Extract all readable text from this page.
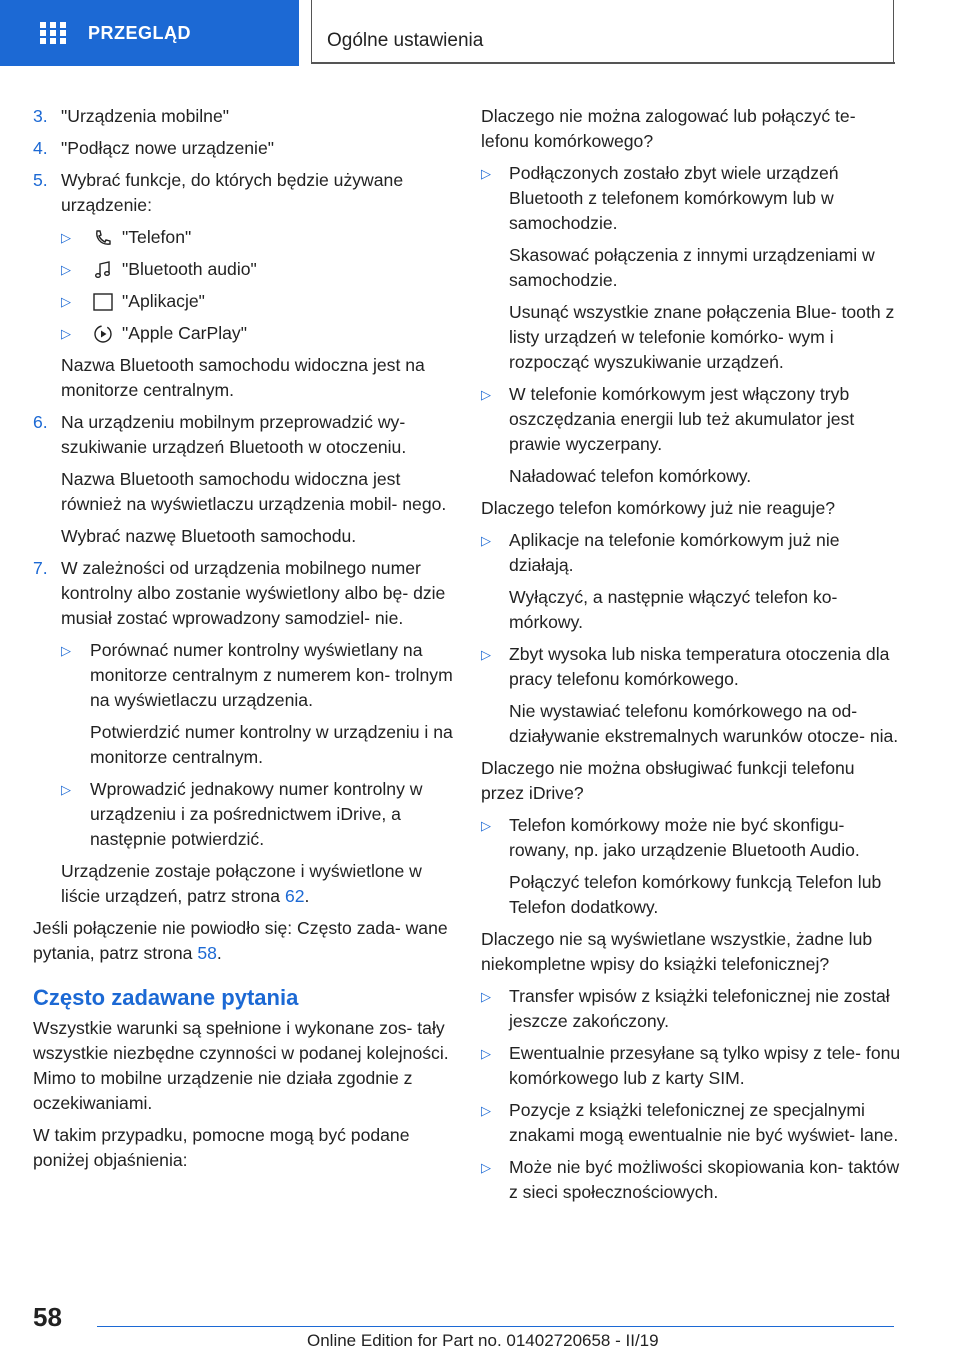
PRZEGLĄD	Ogólne ustawienia
3. "Urządzenia mobilne"
4. "Podłącz nowe urządzenie"
5. Wybrać funkcje, do których będzie używane urządzenie:
▷	"Telefon"
▷	"Bluetooth audio"
▷	"Aplikacje"
▷	"Apple CarPlay"
Nazwa Bluetooth samochodu widoczna jest na monitorze centralnym.
6. Na urządzeniu mobilnym przeprowadzić wy- szukiwanie urządzeń Bluetooth w otoczeniu.
Nazwa Bluetooth samochodu widoczna jest również na wyświetlaczu urządzenia mobil- nego.
Wybrać nazwę Bluetooth samochodu.
7. W zależności od urządzenia mobilnego numer kontrolny albo zostanie wyświetlony albo bę- dzie musiał zostać wprowadzony samodziel- nie.
▷	Porównać numer kontrolny wyświetlany na monitorze centralnym z numerem kon- trolnym na wyświetlaczu urządzenia.
Potwierdzić numer kontrolny w urządzeniu i na monitorze centralnym.
▷	Wprowadzić jednakowy numer kontrolny w urządzeniu i za pośrednictwem iDrive, a następnie potwierdzić.
Urządzenie zostaje połączone i wyświetlone w liście urządzeń, patrz strona 62.
Jeśli połączenie nie powiodło się: Często zada- wane pytania, patrz strona 58.
Często zadawane pytania
Wszystkie warunki są spełnione i wykonane zos- tały wszystkie niezbędne czynności w podanej kolejności. Mimo to mobilne urządzenie nie działa zgodnie z oczekiwaniami.
W takim przypadku, pomocne mogą być podane poniżej objaśnienia:
Dlaczego nie można zalogować lub połączyć te- lefonu komórkowego?
▷	Podłączonych zostało zbyt wiele urządzeń Bluetooth z telefonem komórkowym lub w samochodzie.
Skasować połączenia z innymi urządzeniami w samochodzie.
Usunąć wszystkie znane połączenia Blue- tooth z listy urządzeń w telefonie komórko- wym i rozpocząć wyszukiwanie urządzeń.
▷	W telefonie komórkowym jest włączony tryb oszczędzania energii lub też akumulator jest prawie wyczerpany.
Naładować telefon komórkowy.
Dlaczego telefon komórkowy już nie reaguje?
▷	Aplikacje na telefonie komórkowym już nie działają.
Wyłączyć, a następnie włączyć telefon ko- mórkowy.
▷	Zbyt wysoka lub niska temperatura otoczenia dla pracy telefonu komórkowego.
Nie wystawiać telefonu komórkowego na od- działywanie ekstremalnych warunków otocze- nia.
Dlaczego nie można obsługiwać funkcji telefonu przez iDrive?
▷	Telefon komórkowy może nie być skonfigu- rowany, np. jako urządzenie Bluetooth Audio.
Połączyć telefon komórkowy funkcją Telefon lub Telefon dodatkowy.
Dlaczego nie są wyświetlane wszystkie, żadne lub niekompletne wpisy do książki telefonicznej?
▷	Transfer wpisów z książki telefonicznej nie został jeszcze zakończony.
▷	Ewentualnie przesyłane są tylko wpisy z tele- fonu komórkowego lub z karty SIM.
▷	Pozycje z książki telefonicznej ze specjalnymi znakami mogą ewentualnie nie być wyświet- lane.
▷	Może nie być możliwości skopiowania kon- taktów z sieci społecznościowych.
58
Online Edition for Part no. 01402720658 - II/19
